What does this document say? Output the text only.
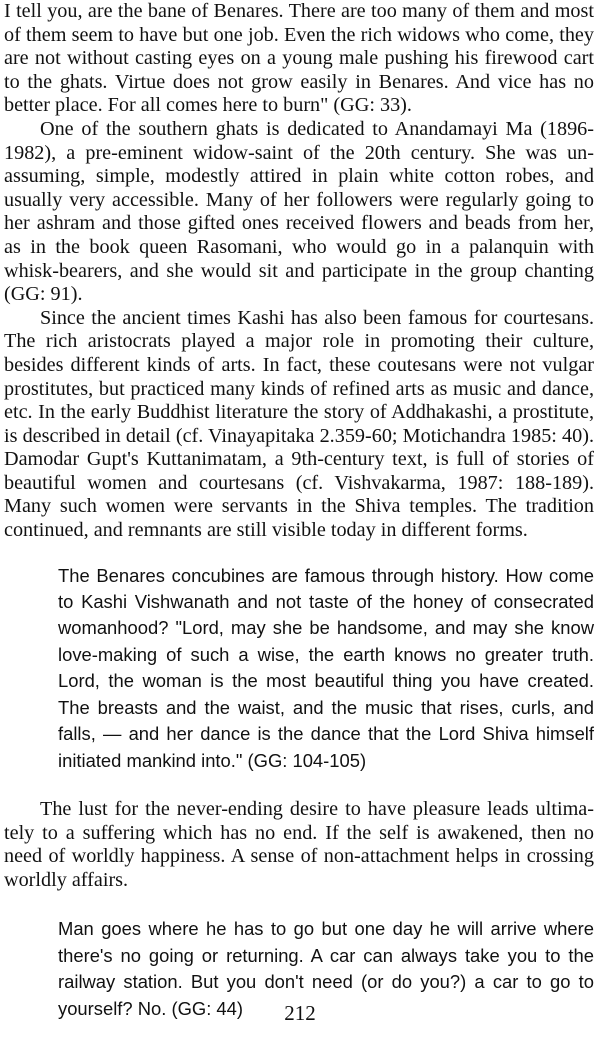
I tell you, are the bane of Benares. There are too many of them and most of them seem to have but one job. Even the rich widows who come, they are not without casting eyes on a young male pushing his firewood cart to the ghats. Virtue does not grow easily in Benares. And vice has no better place. For all comes here to burn" (GG: 33).

One of the southern ghats is dedicated to Anandamayi Ma (1896-1982), a pre-eminent widow-saint of the 20th century. She was unassuming, simple, modestly attired in plain white cotton robes, and usually very accessible. Many of her followers were regularly going to her ashram and those gifted ones received flowers and beads from her, as in the book queen Rasomani, who would go in a palanquin with whisk-bearers, and she would sit and participate in the group chanting (GG: 91).

Since the ancient times Kashi has also been famous for courtesans. The rich aristocrats played a major role in promoting their culture, besides different kinds of arts. In fact, these coutesans were not vulgar prostitutes, but practiced many kinds of refined arts as music and dance, etc. In the early Buddhist literature the story of Addhakashi, a prostitute, is described in detail (cf. Vinayapitaka 2.359-60; Motichandra 1985: 40). Damodar Gupt's Kuttanimatam, a 9th-century text, is full of stories of beautiful women and courtesans (cf. Vishvakarma, 1987: 188-189). Many such women were servants in the Shiva temples. The tradition continued, and remnants are still visible today in different forms.

The Benares concubines are famous through history. How come to Kashi Vishwanath and not taste of the honey of consecrated womanhood? "Lord, may she be handsome, and may she know love-making of such a wise, the earth knows no greater truth. Lord, the woman is the most beautiful thing you have created. The breasts and the waist, and the music that rises, curls, and falls, — and her dance is the dance that the Lord Shiva himself initiated mankind into." (GG: 104-105)

The lust for the never-ending desire to have pleasure leads ultimately to a suffering which has no end. If the self is awakened, then no need of worldly happiness. A sense of non-attachment helps in crossing worldly affairs.

Man goes where he has to go but one day he will arrive where there's no going or returning. A car can always take you to the railway station. But you don't need (or do you?) a car to go to yourself? No. (GG: 44)	212
